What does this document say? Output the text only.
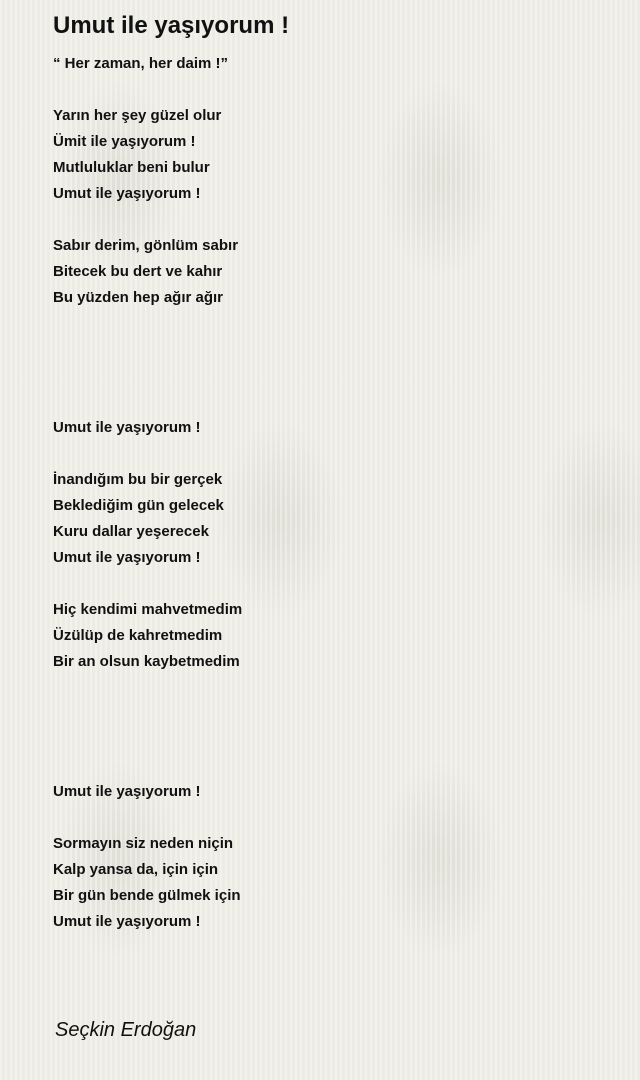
Umut ile yaşıyorum !
“ Her zaman, her daim !”
Yarın her şey güzel olur
Ümit ile yaşıyorum !
Mutluluklar beni bulur
Umut ile yaşıyorum !
Sabır derim, gönlüm sabır
Bitecek bu dert ve kahır
Bu yüzden hep ağır ağır
Umut ile yaşıyorum !
İnandığım bu bir gerçek
Beklediğim gün gelecek
Kuru dallar yeşerecek
Umut ile yaşıyorum !
Hiç kendimi mahvetmedim
Üzülüp de kahretmedim
Bir an olsun kaybetmedim
Umut ile yaşıyorum !
Sormayın siz neden niçin
Kalp yansa da, için için
Bir gün bende gülmek için
Umut ile yaşıyorum !
Seçkin Erdoğan
